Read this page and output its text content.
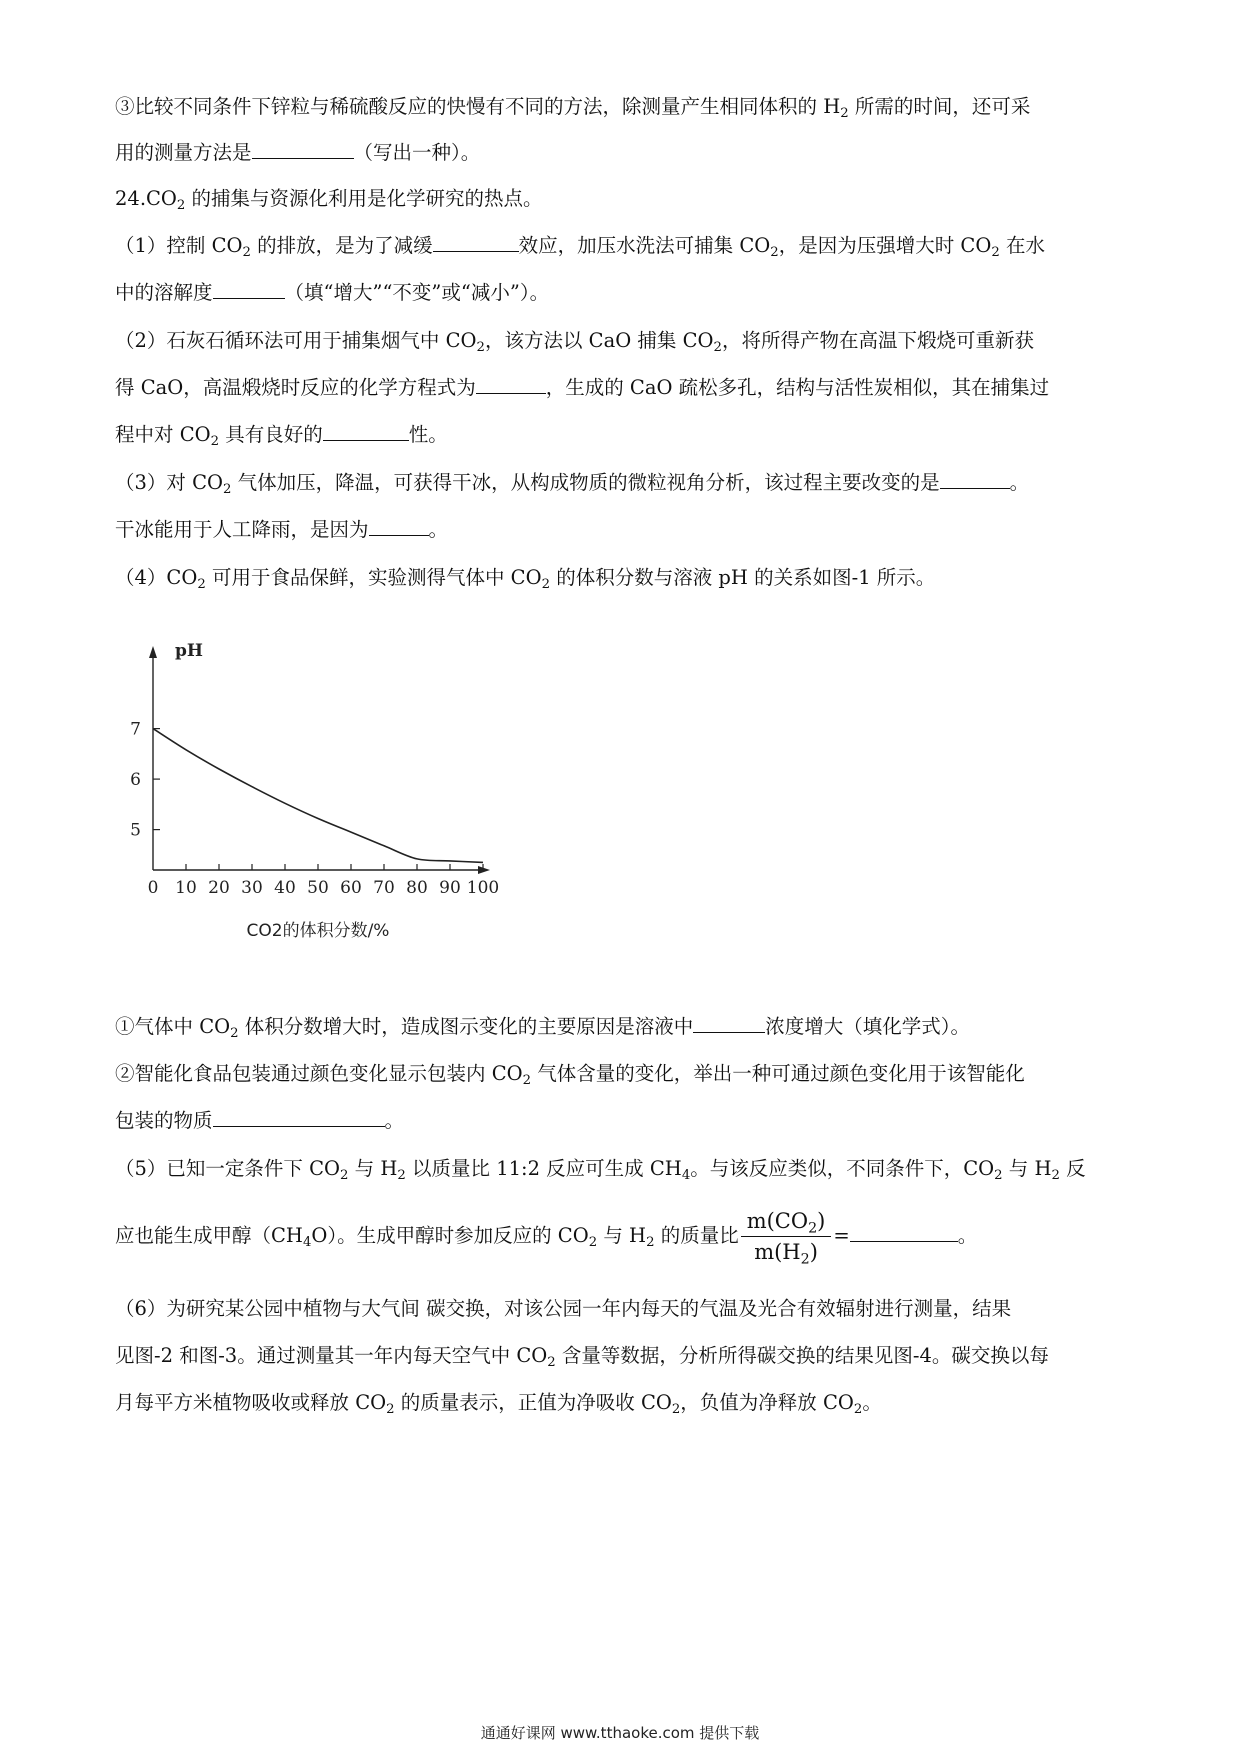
③比较不同条件下锌粒与稀硫酸反应的快慢有不同的方法，除测量产生相同体积的 $H_2$ 所需的时间，还可采
用的测量方法是	（写出一种）。
$24.CO_2$ 的捕集与资源化利用是化学研究的热点。
（1）控制 $CO_2$ 的排放，是为了减缓	效应，加压水洗法可捕集 $CO_2$，是因为压强增大时 $CO_2$ 在水
中的溶解度	（填“增大”“不变”或“减小”）。
（2）石灰石循环法可用于捕集烟气中 $CO_2$，该方法以 CaO 捕集 $CO_2$，将所得产物在高温下煅烧可重新获
得 CaO，高温煅烧时反应的化学方程式为	，生成的 CaO 疏松多孔，结构与活性炭相似，其在捕集过
程中对 $CO_2$ 具有良好的	性。
（3）对 $CO_2$ 气体加压，降温，可获得干冰，从构成物质的微粒视角分析，该过程主要改变的是	。
干冰能用于人工降雨，是因为	。
$(4)CO_2$ 可用于食品保鲜，实验测得气体中 $CO_2$ 的体积分数与溶液 pH 的关系如图-1 所示。
0 10 20 30 40 50 60 70 80 90 100
5
6
7
pH
CO2的体积分数/%
①气体中 $CO_2$ 体积分数增大时，造成图示变化的主要原因是溶液中	浓度增大（填化学式）。
②智能化食品包装通过颜色变化显示包装内 $CO_2$ 气体含量的变化，举出一种可通过颜色变化用于该智能化
包装的物质	。
（5）已知一定条件下 $CO_2$ 与 $H_2$ 以质量比 11:2 反应可生成 $CH_4$。与该反应类似，不同条件下，$CO_2$ 与 $H_2$ 反
应也能生成甲醇$(CH_4O)$。生成甲醇时参加反应的 $CO_2$ 与 $H_2$ 的质量比 $\frac{m(CO_2)}{m(H_2)}$ =	。
（6）为研究某公园中植物与大气间 碳交换，对该公园一年内每天的气温及光合有效辐射进行测量，结果
见图-2 和图-3。通过测量其一年内每天空气中 $CO_2$ 含量等数据，分析所得碳交换的结果见图-4。碳交换以每
月每平方米植物吸收或释放 $CO_2$ 的质量表示，正值为净吸收 $CO_2$，负值为净释放 $CO_2$。
通通好课网 www.tthaoke.com 提供下载
